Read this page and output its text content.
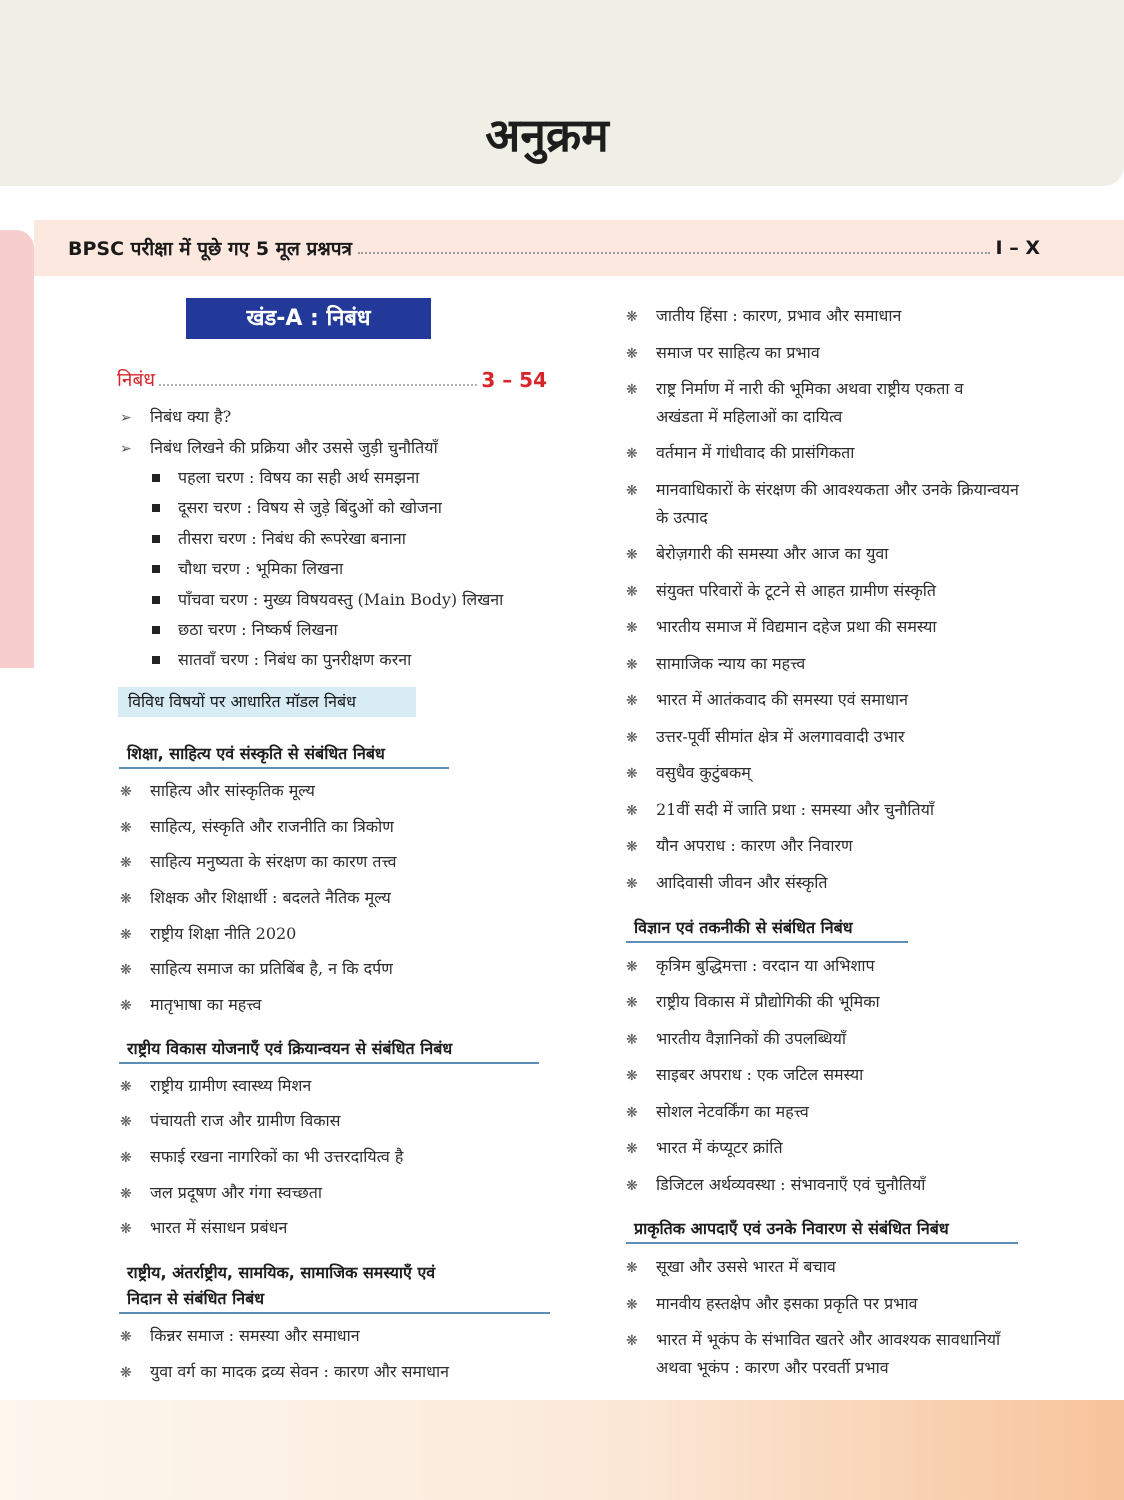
अनुक्रम
BPSC परीक्षा में पूछे गए 5 मूल प्रश्नपत्र	I – X
खंड-A : निबंध
निबंध	3 – 54
➢ निबंध क्या है?
➢ निबंध लिखने की प्रक्रिया और उससे जुड़ी चुनौतियाँ
पहला चरण : विषय का सही अर्थ समझना
दूसरा चरण : विषय से जुड़े बिंदुओं को खोजना
तीसरा चरण : निबंध की रूपरेखा बनाना
चौथा चरण : भूमिका लिखना
पाँचवा चरण : मुख्य विषयवस्तु (Main Body) लिखना
छठा चरण : निष्कर्ष लिखना
सातवाँ चरण : निबंध का पुनरीक्षण करना
विविध विषयों पर आधारित मॉडल निबंध
शिक्षा, साहित्य एवं संस्कृति से संबंधित निबंध
❋ साहित्य और सांस्कृतिक मूल्य
❋ साहित्य, संस्कृति और राजनीति का त्रिकोण
❋ साहित्य मनुष्यता के संरक्षण का कारण तत्त्व
❋ शिक्षक और शिक्षार्थी : बदलते नैतिक मूल्य
❋ राष्ट्रीय शिक्षा नीति 2020
❋ साहित्य समाज का प्रतिबिंब है, न कि दर्पण
❋ मातृभाषा का महत्त्व
राष्ट्रीय विकास योजनाएँ एवं क्रियान्वयन से संबंधित निबंध
❋ राष्ट्रीय ग्रामीण स्वास्थ्य मिशन
❋ पंचायती राज और ग्रामीण विकास
❋ सफाई रखना नागरिकों का भी उत्तरदायित्व है
❋ जल प्रदूषण और गंगा स्वच्छता
❋ भारत में संसाधन प्रबंधन
राष्ट्रीय, अंतर्राष्ट्रीय, सामयिक, सामाजिक समस्याएँ एवं
निदान से संबंधित निबंध
❋ किन्नर समाज : समस्या और समाधान
❋ युवा वर्ग का मादक द्रव्य सेवन : कारण और समाधान
❋ जातीय हिंसा : कारण, प्रभाव और समाधान
❋ समाज पर साहित्य का प्रभाव
❋ राष्ट्र निर्माण में नारी की भूमिका अथवा राष्ट्रीय एकता व
अखंडता में महिलाओं का दायित्व
❋ वर्तमान में गांधीवाद की प्रासंगिकता
❋ मानवाधिकारों के संरक्षण की आवश्यकता और उनके क्रियान्वयन
के उत्पाद
❋ बेरोज़गारी की समस्या और आज का युवा
❋ संयुक्त परिवारों के टूटने से आहत ग्रामीण संस्कृति
❋ भारतीय समाज में विद्यमान दहेज प्रथा की समस्या
❋ सामाजिक न्याय का महत्त्व
❋ भारत में आतंकवाद की समस्या एवं समाधान
❋ उत्तर-पूर्वी सीमांत क्षेत्र में अलगाववादी उभार
❋ वसुधैव कुटुंबकम्
❋ 21वीं सदी में जाति प्रथा : समस्या और चुनौतियाँ
❋ यौन अपराध : कारण और निवारण
❋ आदिवासी जीवन और संस्कृति
विज्ञान एवं तकनीकी से संबंधित निबंध
❋ कृत्रिम बुद्धिमत्ता : वरदान या अभिशाप
❋ राष्ट्रीय विकास में प्रौद्योगिकी की भूमिका
❋ भारतीय वैज्ञानिकों की उपलब्धियाँ
❋ साइबर अपराध : एक जटिल समस्या
❋ सोशल नेटवर्किंग का महत्त्व
❋ भारत में कंप्यूटर क्रांति
❋ डिजिटल अर्थव्यवस्था : संभावनाएँ एवं चुनौतियाँ
प्राकृतिक आपदाएँ एवं उनके निवारण से संबंधित निबंध
❋ सूखा और उससे भारत में बचाव
❋ मानवीय हस्तक्षेप और इसका प्रकृति पर प्रभाव
❋ भारत में भूकंप के संभावित खतरे और आवश्यक सावधानियाँ
अथवा भूकंप : कारण और परवर्ती प्रभाव
